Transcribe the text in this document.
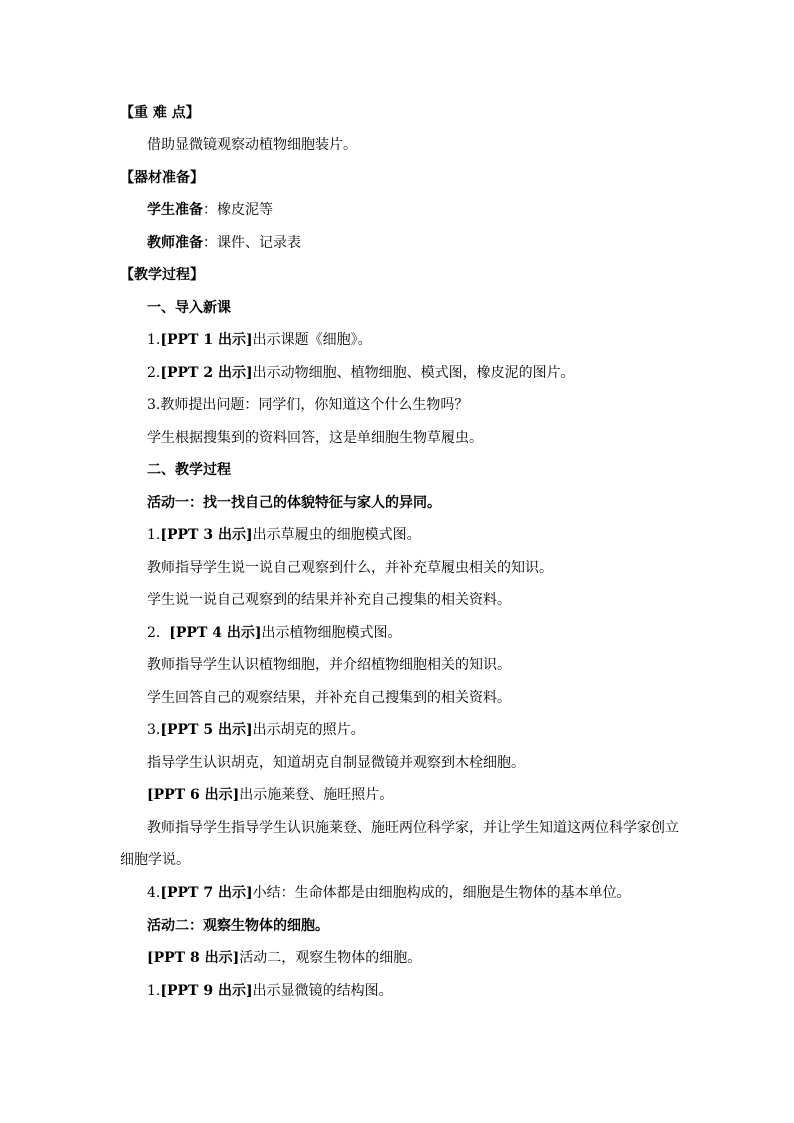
【重 难 点】
借助显微镜观察动植物细胞装片。
【器材准备】
学生准备：橡皮泥等
教师准备：课件、记录表
【教学过程】
一、导入新课
1.[PPT 1 出示]出示课题《细胞》。
2.[PPT 2 出示]出示动物细胞、植物细胞、模式图，橡皮泥的图片。
3.教师提出问题：同学们，你知道这个什么生物吗？
学生根据搜集到的资料回答，这是单细胞生物草履虫。
二、教学过程
活动一：找一找自己的体貌特征与家人的异同。
1.[PPT 3 出示]出示草履虫的细胞模式图。
教师指导学生说一说自己观察到什么，并补充草履虫相关的知识。
学生说一说自己观察到的结果并补充自己搜集的相关资料。
2. [PPT 4 出示]出示植物细胞模式图。
教师指导学生认识植物细胞，并介绍植物细胞相关的知识。
学生回答自己的观察结果，并补充自己搜集到的相关资料。
3.[PPT 5 出示]出示胡克的照片。
指导学生认识胡克，知道胡克自制显微镜并观察到木栓细胞。
[PPT 6 出示]出示施莱登、施旺照片。
教师指导学生指导学生认识施莱登、施旺两位科学家，并让学生知道这两位科学家创立细胞学说。
4.[PPT 7 出示]小结：生命体都是由细胞构成的，细胞是生物体的基本单位。
活动二：观察生物体的细胞。
[PPT 8 出示]活动二，观察生物体的细胞。
1.[PPT 9 出示]出示显微镜的结构图。
